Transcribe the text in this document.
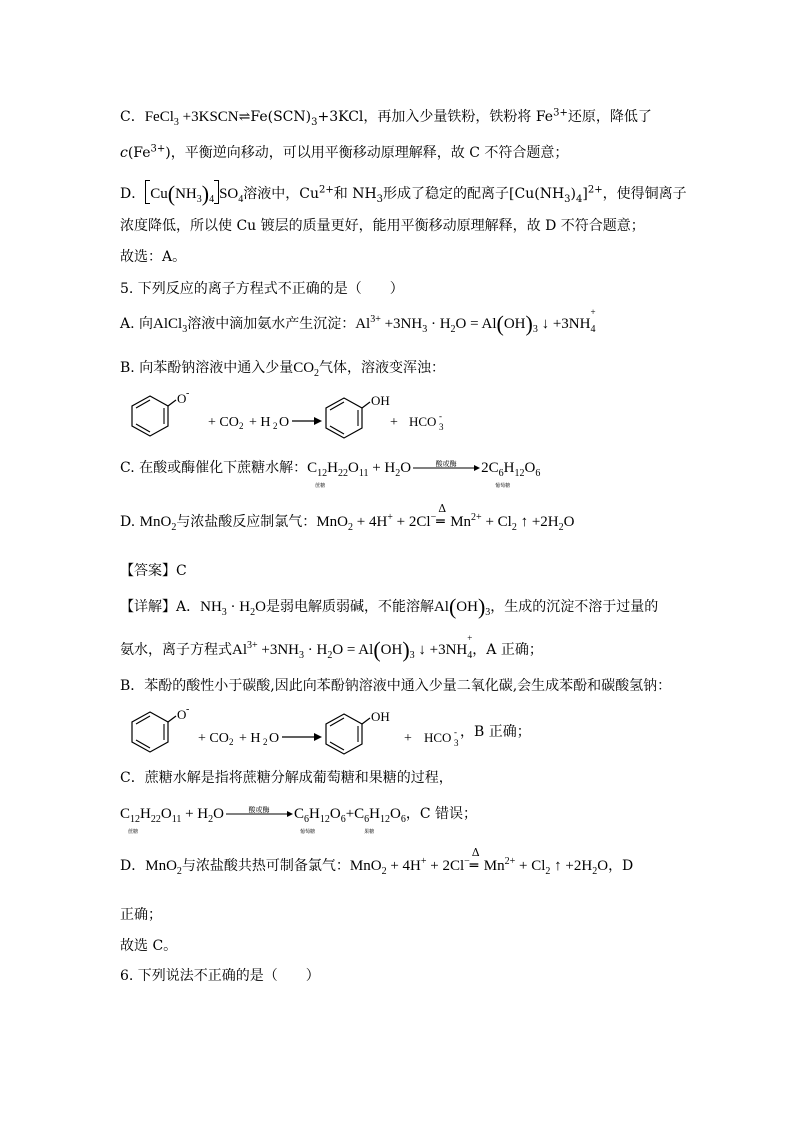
C．FeCl$_3$ $+3KSCN\rightleftharpoons Fe(SCN)_3+3KCl$，再加入少量铁粉，铁粉将 $Fe^{3+}$还原，降低了
$c(Fe^{3+})$，平衡逆向移动，可以用平衡移动原理解释，故 C 不符合题意；
D． $Cu(NH_3)_4$ $SO_4$溶液中，$Cu^{2+}$和 $NH_3$形成了稳定的配离子$[Cu(NH_3)_4]^{2+}$，使得铜离子
浓度降低，所以使 Cu 镀层的质量更好，能用平衡移动原理解释，故 D 不符合题意；
故选：A。
5. 下列反应的离子方程式不正确的是（　　）
A. 向AlCl$_3$溶液中滴加氨水产生沉淀：$Al^{3+} +3NH_3 \cdot H_2O = Al(OH)_3$ ↓ +3NH
$_{+ 4}$
B. 向苯酚钠溶液中通入少量$CO_2$气体，溶液变浑浊：
O -
+ CO 2 + H 2 O
OH
+ HCO 3
-
C. 在酸或酶催化下蔗糖水解：$C_{12}H_{22}O_{11}$
蔗糖
+ $H_2O$	酸或酶	$2C_6H_{12}O_6$
葡萄糖
D. MnO$_2$与浓盐酸反应制氯气：MnO$_2$ + 4H+ + 2Cl−
Δ
═ $Mn^{2+} + Cl_2$ ↑ $+2H_2O$
【答案】C
【详解】A．$NH_3 \cdot H_2O$是弱电解质弱碱，不能溶解$Al(OH)_3$，生成的沉淀不溶于过量的
氨水，离子方程式$Al^{3+} +3NH_3 \cdot H_2O = Al(OH)_3$ ↓ +3NH
$_{+ 4}$，A 正确；
B．苯酚的酸性小于碳酸,因此向苯酚钠溶液中通入少量二氧化碳,会生成苯酚和碳酸氢钠：
O -
+ CO 2 + H 2 O
OH
+ HCO 3
- ，B 正确；
C．蔗糖水解是指将蔗糖分解成葡萄糖和果糖的过程，
$C_{12}H_{22}O_{11}$
蔗糖
+ $H_2O$	酸或酶	$C_6H_{12}O_6$
葡萄糖
$+C_6H_{12}O_6$
果糖
，C 错误；
D．MnO$_2$与浓盐酸共热可制备氯气：MnO$_2$ + 4H+ + 2Cl−
Δ
═ $Mn^{2+} + Cl_2$ ↑ $+2H_2O$，D
正确；
故选 C。
6. 下列说法不正确的是（　　）
